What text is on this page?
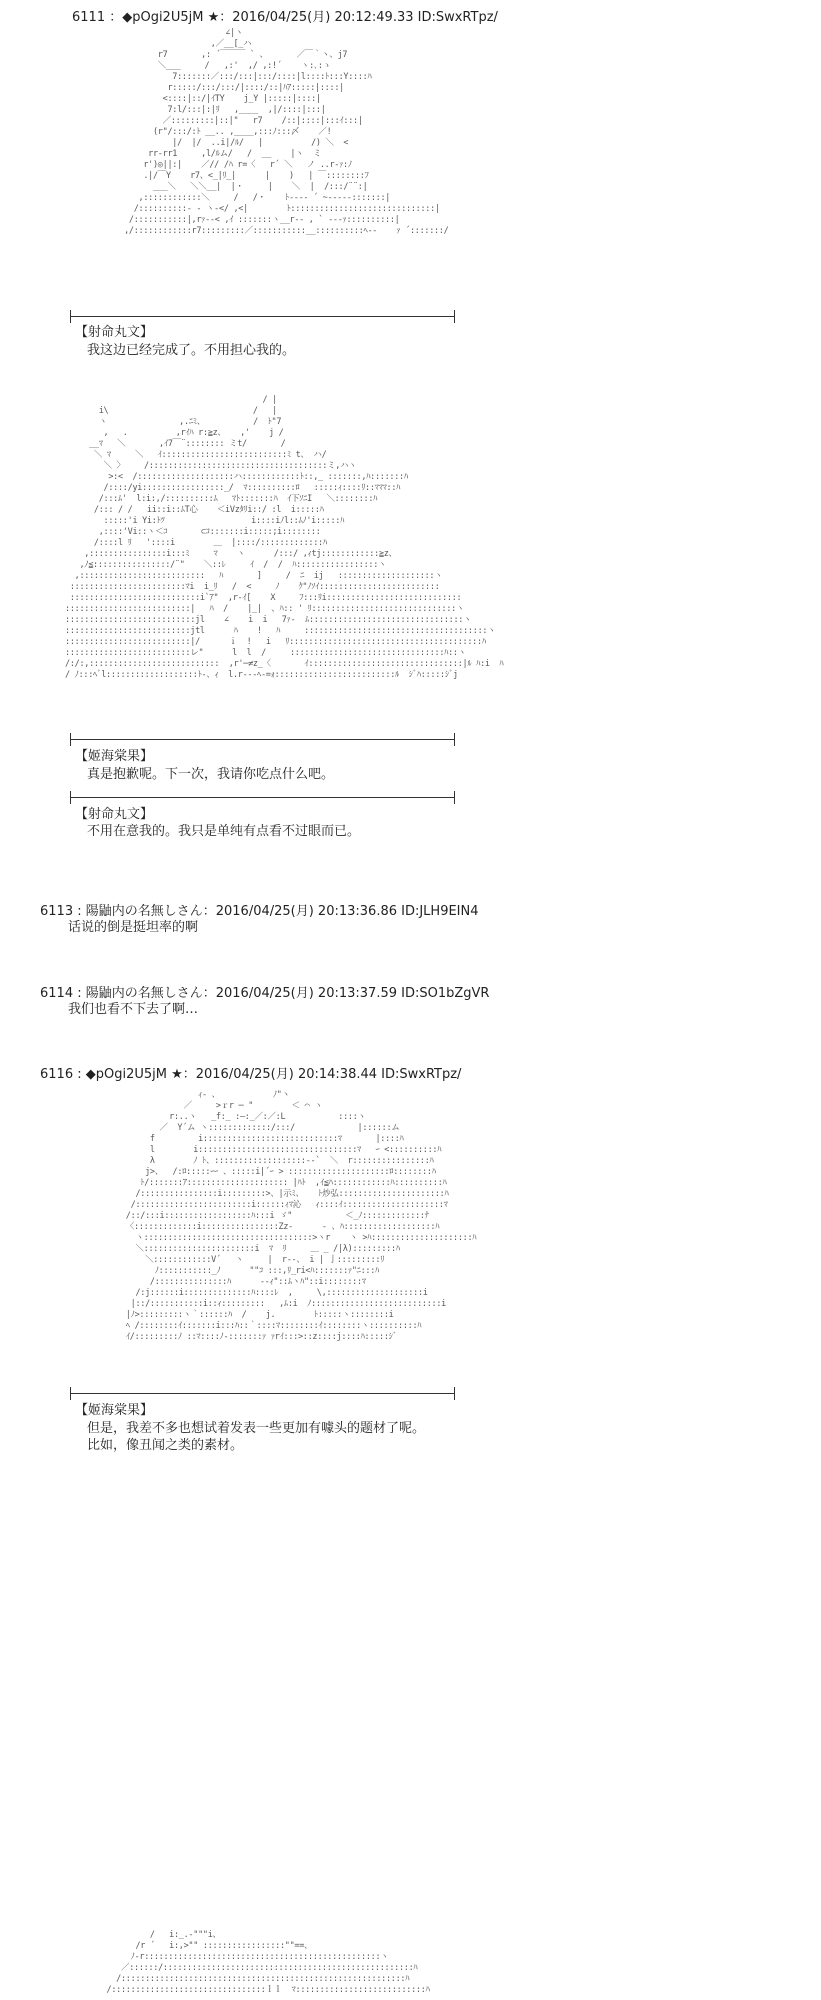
6111 ：◆pOgi2U5jM ★：2016/04/25(月) 20:12:49.33 ID:SwxRTpz/
∠|ヽ
,／__[_ハ
r7       ,: ´￣￣￣ ` 、      ／￣｀ヽ、j7
＼___     /   ,:'  ,/ ,:!´    ヽ:､:ゝ
7:::::::／:::/:::|:::/::::|l::::ﾄ:::Y::::ﾊ
r:::::/:::/:::/|::::/::|ﾊｱ:::::|::::|
<::::|::/|ｲTY    j_Y |:::::|::::|
7:l/:::|:|ﾘ   ,____  ,|/::::|:::|
／:::::::::|::|"   r7    /::|::::|:::ｲ:::|
(r"/:::/:ﾄ __.. ,____,:::ﾉ:::〆    ／!
|/  |/  ..i|/ﾙ/   |          /) ＼  <
rr‐rr1     ,l/ﾙム/   /  __    |ヽ  ミ
r')◎||:|    ／// /ﾊ r=〈   r´ ＼   ノ ..r‐ｧ:ﾉ
.|/￣Y    r7、<_|ﾘ_|      |    )   | ￣::::::::ﾌ
___＼   ＼＼__|  |・     |    ＼  |  /:::/¨¨:|
,::::::::::::＼     /   /・    ﾄ---‐ ´ ~-----:::::::|
/::::::::::‐ ‐ ヽ‐</ ,<|        ﾄ::::::::::::::::::::::::::::::|
/:::::::::::|,rｧ‐‐< ,ｲ :::::::ヽ__r‐‐ , ` ‐‐‐ｧ::::::::::|
,/::::::::::::r7:::::::::／:::::::::::__::::::::::ﾍ‐‐    ｧ ´:::::::/
【射命丸文】
我这边已经完成了。不用担心我的。
/ |
i\                              /   |
ヽ               ,.ﾆﾐ、          /  ﾄ"7
,   .          ,rｲﾊ r:≧z、   ,'    j /
__ﾏ   ＼       ,ｲ7￣¨:::::::: ミt/       /
＼ ﾏ     ＼   ｲ::::::::::::::::::::::::::ﾐ t、 ハ/
＼ 〉    /:::::::::::::::::::::::::::::::::::::ミ,ハヽ
>:<  /::::::::::::::::::::ハ::::::::::::ﾄ::,_ :::::::,ﾊ:::::::ﾊ
/::::/yi:::::::::::::::::_/  ﾏ::::::::::ﾛ   :::::ｨ::::ﾘ::ﾏﾏﾏ::ﾊ
/:::ﾑ'  l:i:,/::::::::::ﾑ   ﾏﾄ:::::::ﾊ  ｲ下ｿﾆI   ＼::::::::ﾊ
/::: / /   ii::i::ﾑT心    ＜iVzﾀﾘi::/ :l  i:::::ﾊ
:::::'i Yi:ﾄﾂ                  i::::iﾉl::ﾑﾉ'i:::::ﾊ
,::::'Vi::ヽ＜ｺ       ⊂ｺ:::::::i:::::;i::::::::
/::::l ﾘ   '::::i        ＿  |::::/:::::::::::::ﾊ
,::::::::::::::::i:::ﾐ     ﾏ    ヽ      /:::/ ,ｨtj::::::::::::≧z、
,ﾉ≦::::::::::::::::/¨"    ＼::ﾚ     ｲ  /  /  ﾊ:::::::::::::::::ヽ
,::::::::::::::::::::::::::   ﾊ       ]     /  ﾆ  ij   ::::::::::::::::::::ヽ
::::::::::::::::::::::::ﾏi  i_ﾘ   /  <     ﾉ    ｸ"ﾉｿｲ:::::::::::::::::::::::::
:::::::::::::::::::::::::::i`ｱ"  ,r‐ｲ[    X     ﾌ:::ﾘi::::::::::::::::::::::::::::
::::::::::::::::::::::::::|   ﾊ  /    |_|  、ﾊ:: ' ﾘ::::::::::::::::::::::::::::::ヽ
:::::::::::::::::::::::::::jl    ∠    i  i   7ｧ‐  ﾑ::::::::::::::::::::::::::::::::ヽ
::::::::::::::::::::::::::jtl      ﾊ    !   ﾊ     ::::::::::::::::::::::::::::::::::::::ヽ
::::::::::::::::::::::::::|/      ｉ  !   i   ﾘ::::::::::::::::::::::::::::::::::::::::ﾊ
::::::::::::::::::::::::::レ"      l  l  /     ::::::::::::::::::::::::::::::::ﾊ::ヽ
/:/:,:::::::::::::::::::::::::::  ,r'─≠z_〈       ｲ::::::::::::::::::::::::::::::::|ﾙ ﾊ:i  ﾊ
/ ﾉ:::ﾍﾞl:::::::::::::::::::ﾄ‐、ｨ  l.r‐‐‐ﾍ‐=ｫ:::::::::::::::::::::::::ﾙ  ｼﾞﾊ:::::ｼﾞj
【姬海棠果】
真是抱歉呢。下一次，我请你吃点什么吧。
【射命丸文】
不用在意我的。我只是单纯有点看不过眼而已。
6113 : 陽鼬内の名無しさん：2016/04/25(月) 20:13:36.86 ID:JLH9EIN4
话说的倒是挺坦率的啊
6114 : 陽鼬内の名無しさん：2016/04/25(月) 20:13:37.59 ID:SO1bZgVR
我们也看不下去了啊…
6116 : ◆pOgi2U5jM ★：2016/04/25(月) 20:14:38.44 ID:SwxRTpz/
ｨ- 、           ﾉ"ヽ
／     >ｒr ─ "        ＜ ⌒ ヽ
r:..ヽ   _f:_ :―:_／:／:L           ::::ヽ
／  Y´ム ヽ:::::::::::::/:::/             |::::::ム
f         i::::::::::::::::::::::::::::ﾏ       |::::ﾊ
l        i:::::::::::::::::::::::::::::::::ﾏ   ｰ <::::::::::ﾊ
λ        ﾉ ﾄ、:::::::::::::::::::‐‐`  ＼  r::::::::::::::::ﾊ
j>、  /:ﾛ:::::ｰｰ 、:::::i|´ｰ > :::::::::::::::::::::ﾛ::::::::ﾊ
ﾄ/:::::::ｱ::::::::::::::::::::: |ﾊﾄ  ,ｲ≦ﾊ::::::::::::ﾊ::::::::::ﾊ
/::::::::::::::::i:::::::::>、|示ﾐ、   ﾄ炒弘::::::::::::::::::::::ﾊ
/::::::::::::::::::::::::i::::::ｨﾏ沁   ｨ::::ｲ:::::::::::::::::::::ﾏ
/::/:::i::::::::::::::::::ﾊ:::i ゞ"           ＜_ﾉ:::::::::::::ﾅ
〈:::::::::::::i::::::::::::::::Zz-      ‐ 、ﾊ:::::::::::::::::::ﾊ
ヽ:::::::::::::::::::::::::::::::::::>ヽr    ヽ >ﾊ:::::::::::::::::::::ﾊ
＼:::::::::::::::::::::::i  ﾏ  ﾘ     ＿ _ /|λ):::::::::ﾊ
＼::::::::::::V´   ヽ     |  r‐‐、 i | 亅:::::::::ﾘ
ﾉ:::::::::::_ﾉ      ""ｺ :::,ﾘ_ri<ﾊ:::::::ｧ"ﾆ:::ﾊ
/:::::::::::::::ﾊ      ‐-ｨ"::ﾑヽﾊ"::i::::::::ﾏ
/:j::::::i::::::::::::::ﾊ::::ﾚ  ,     \,::::::::::::::::::::i
|::/:::::::::::i::ｨ:::::::::   ,ﾑ:i  ﾉ:::::::::::::::::::::::::::i
|ﾉ>:::::::::ヽ｀::::::ﾊ  /    j.        ﾄ:::::ヽ::::::::i
ﾍ /::::::::ｲ:::::::i:::ﾊ::｀::::ﾏ::::::::ｲ::::::::ヽ::::::::::ﾊ
ｲ/:::::::::ﾉ ::ﾏ::::ﾉ‐:::::::ｧ ｧrｲ:::>::z::::j::::ﾊ:::::ｼﾞ
【姬海棠果】
但是，我差不多也想试着发表一些更加有噱头的题材了呢。
比如，像丑闻之类的素材。
/   i:_.-"""i、
/r ´   i:,>"" :::::::::::::::::""==、
ﾉ-r:::::::::::::::::::::::::::::::::::::::::::::::::ヽ
／::::::/::::::::::::::::::::::::::::::::::::::::::::::::::::ﾊ
/:::::::::::::::::::::::::::::::::::::::::::::::::::::::::::ﾊ
/::::::::::::::::::::::::::::::::ｌｌ  ﾏ:::::::::::::::::::::::::::ﾊ
